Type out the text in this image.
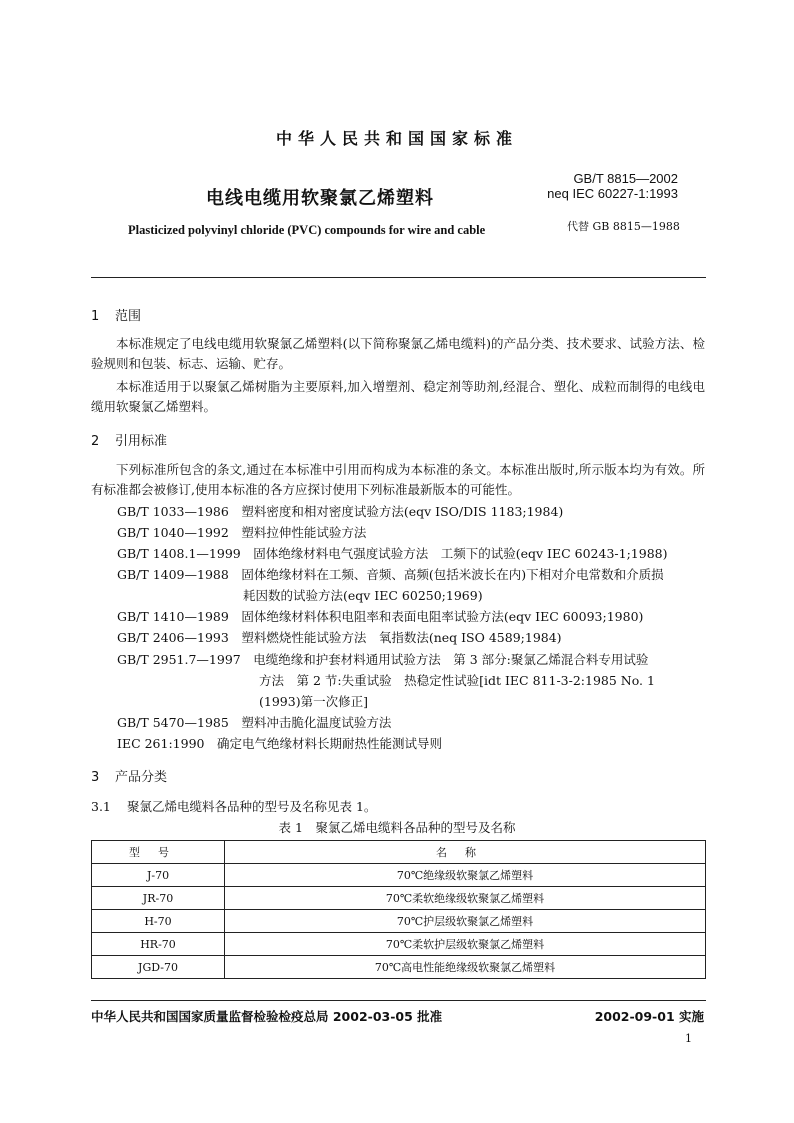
中华人民共和国国家标准
GB/T 8815—2002
neq IEC 60227-1:1993
电线电缆用软聚氯乙烯塑料
Plasticized polyvinyl chloride (PVC) compounds for wire and cable	代替 GB 8815—1988
1 范围
本标准规定了电线电缆用软聚氯乙烯塑料(以下简称聚氯乙烯电缆料)的产品分类、技术要求、试验方法、检验规则和包装、标志、运输、贮存。
本标准适用于以聚氯乙烯树脂为主要原料,加入增塑剂、稳定剂等助剂,经混合、塑化、成粒而制得的电线电缆用软聚氯乙烯塑料。
2 引用标准
下列标准所包含的条文,通过在本标准中引用而构成为本标准的条文。本标准出版时,所示版本均为有效。所有标准都会被修订,使用本标准的各方应探讨使用下列标准最新版本的可能性。
GB/T 1033—1986　塑料密度和相对密度试验方法(eqv ISO/DIS 1183;1984)
GB/T 1040—1992　塑料拉伸性能试验方法
GB/T 1408.1—1999　固体绝缘材料电气强度试验方法　工频下的试验(eqv IEC 60243-1;1988)
GB/T 1409—1988　固体绝缘材料在工频、音频、高频(包括米波长在内)下相对介电常数和介质损
耗因数的试验方法(eqv IEC 60250;1969)
GB/T 1410—1989　固体绝缘材料体积电阻率和表面电阻率试验方法(eqv IEC 60093;1980)
GB/T 2406—1993　塑料燃烧性能试验方法　氧指数法(neq ISO 4589;1984)
GB/T 2951.7—1997　电缆绝缘和护套材料通用试验方法　第 3 部分:聚氯乙烯混合料专用试验
方法　第 2 节:失重试验　热稳定性试验[idt IEC 811-3-2:1985 No. 1
(1993)第一次修正]
GB/T 5470—1985　塑料冲击脆化温度试验方法
IEC 261:1990　确定电气绝缘材料长期耐热性能测试导则
3 产品分类
3.1 聚氯乙烯电缆料各品种的型号及名称见表 1。
表 1　聚氯乙烯电缆料各品种的型号及名称
型号	名称
J-70	70℃绝缘级软聚氯乙烯塑料
JR-70	70℃柔软绝缘级软聚氯乙烯塑料
H-70	70℃护层级软聚氯乙烯塑料
HR-70	70℃柔软护层级软聚氯乙烯塑料
JGD-70	70℃高电性能绝缘级软聚氯乙烯塑料
中华人民共和国国家质量监督检验检疫总局 2002-03-05 批准	2002-09-01 实施
1
